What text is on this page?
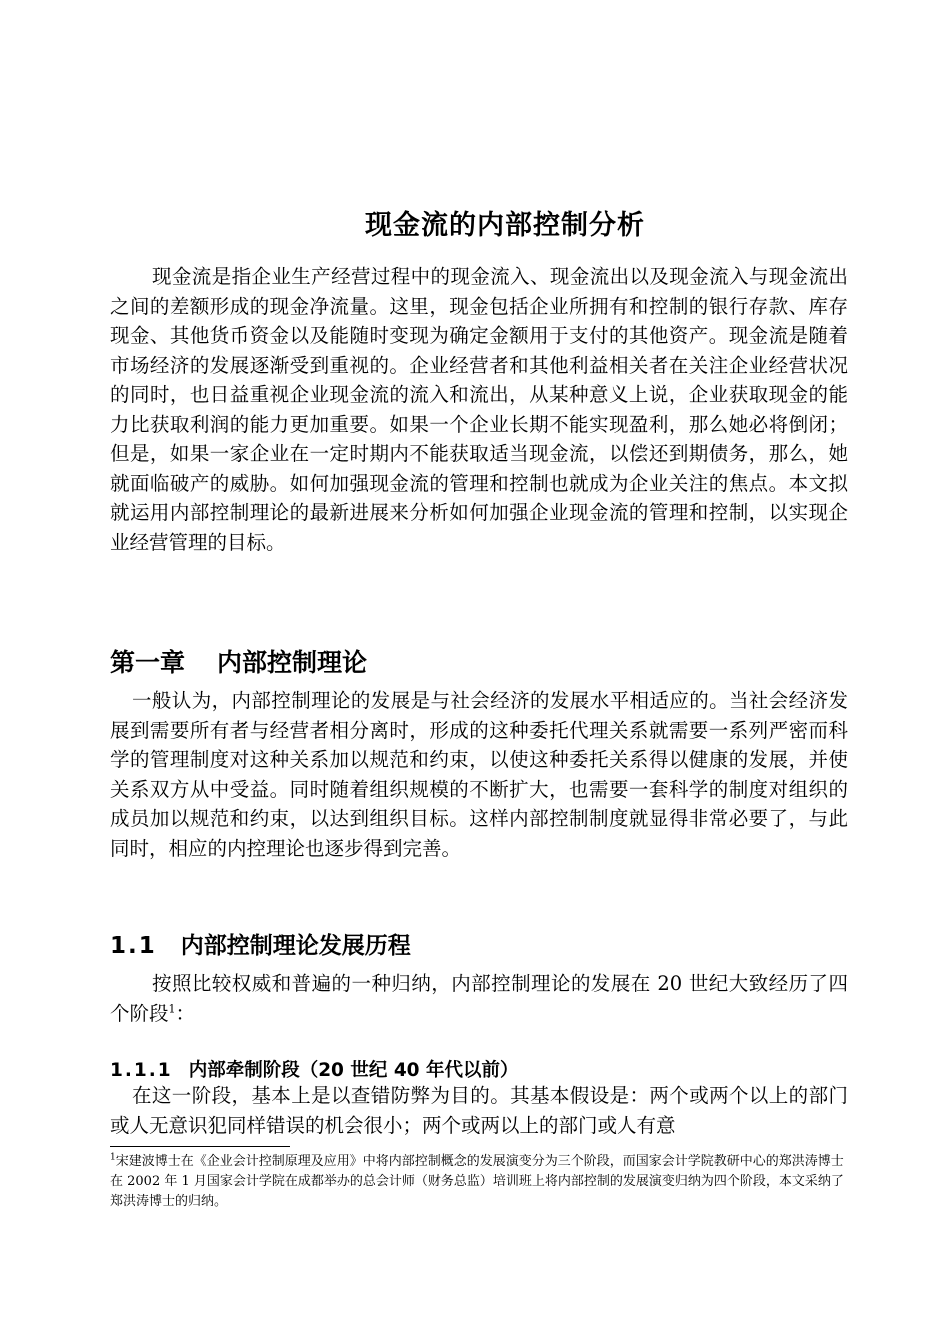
现金流的内部控制分析

现金流是指企业生产经营过程中的现金流入、现金流出以及现金流入与现金流出之间的差额形成的现金净流量。这里，现金包括企业所拥有和控制的银行存款、库存现金、其他货币资金以及能随时变现为确定金额用于支付的其他资产。现金流是随着市场经济的发展逐渐受到重视的。企业经营者和其他利益相关者在关注企业经营状况的同时，也日益重视企业现金流的流入和流出，从某种意义上说，企业获取现金的能力比获取利润的能力更加重要。如果一个企业长期不能实现盈利，那么她必将倒闭；但是，如果一家企业在一定时期内不能获取适当现金流，以偿还到期债务，那么，她就面临破产的威胁。如何加强现金流的管理和控制也就成为企业关注的焦点。本文拟就运用内部控制理论的最新进展来分析如何加强企业现金流的管理和控制，以实现企业经营管理的目标。

第一章 内部控制理论

一般认为，内部控制理论的发展是与社会经济的发展水平相适应的。当社会经济发展到需要所有者与经营者相分离时，形成的这种委托代理关系就需要一系列严密而科学的管理制度对这种关系加以规范和约束，以使这种委托关系得以健康的发展，并使关系双方从中受益。同时随着组织规模的不断扩大，也需要一套科学的制度对组织的成员加以规范和约束，以达到组织目标。这样内部控制制度就显得非常必要了，与此同时，相应的内控理论也逐步得到完善。

1.1 内部控制理论发展历程

按照比较权威和普遍的一种归纳，内部控制理论的发展在 20 世纪大致经历了四个阶段$^1$：

1.1.1 内部牵制阶段（20 世纪 40 年代以前）

在这一阶段，基本上是以查错防弊为目的。其基本假设是：两个或两个以上的部门或人无意识犯同样错误的机会很小；两个或两以上的部门或人有意

$^1$宋建波博士在《企业会计控制原理及应用》中将内部控制概念的发展演变分为三个阶段，而国家会计学院教研中心的郑洪涛博士在 2002 年 1 月国家会计学院在成都举办的总会计师（财务总监）培训班上将内部控制的发展演变归纳为四个阶段，本文采纳了郑洪涛博士的归纳。
